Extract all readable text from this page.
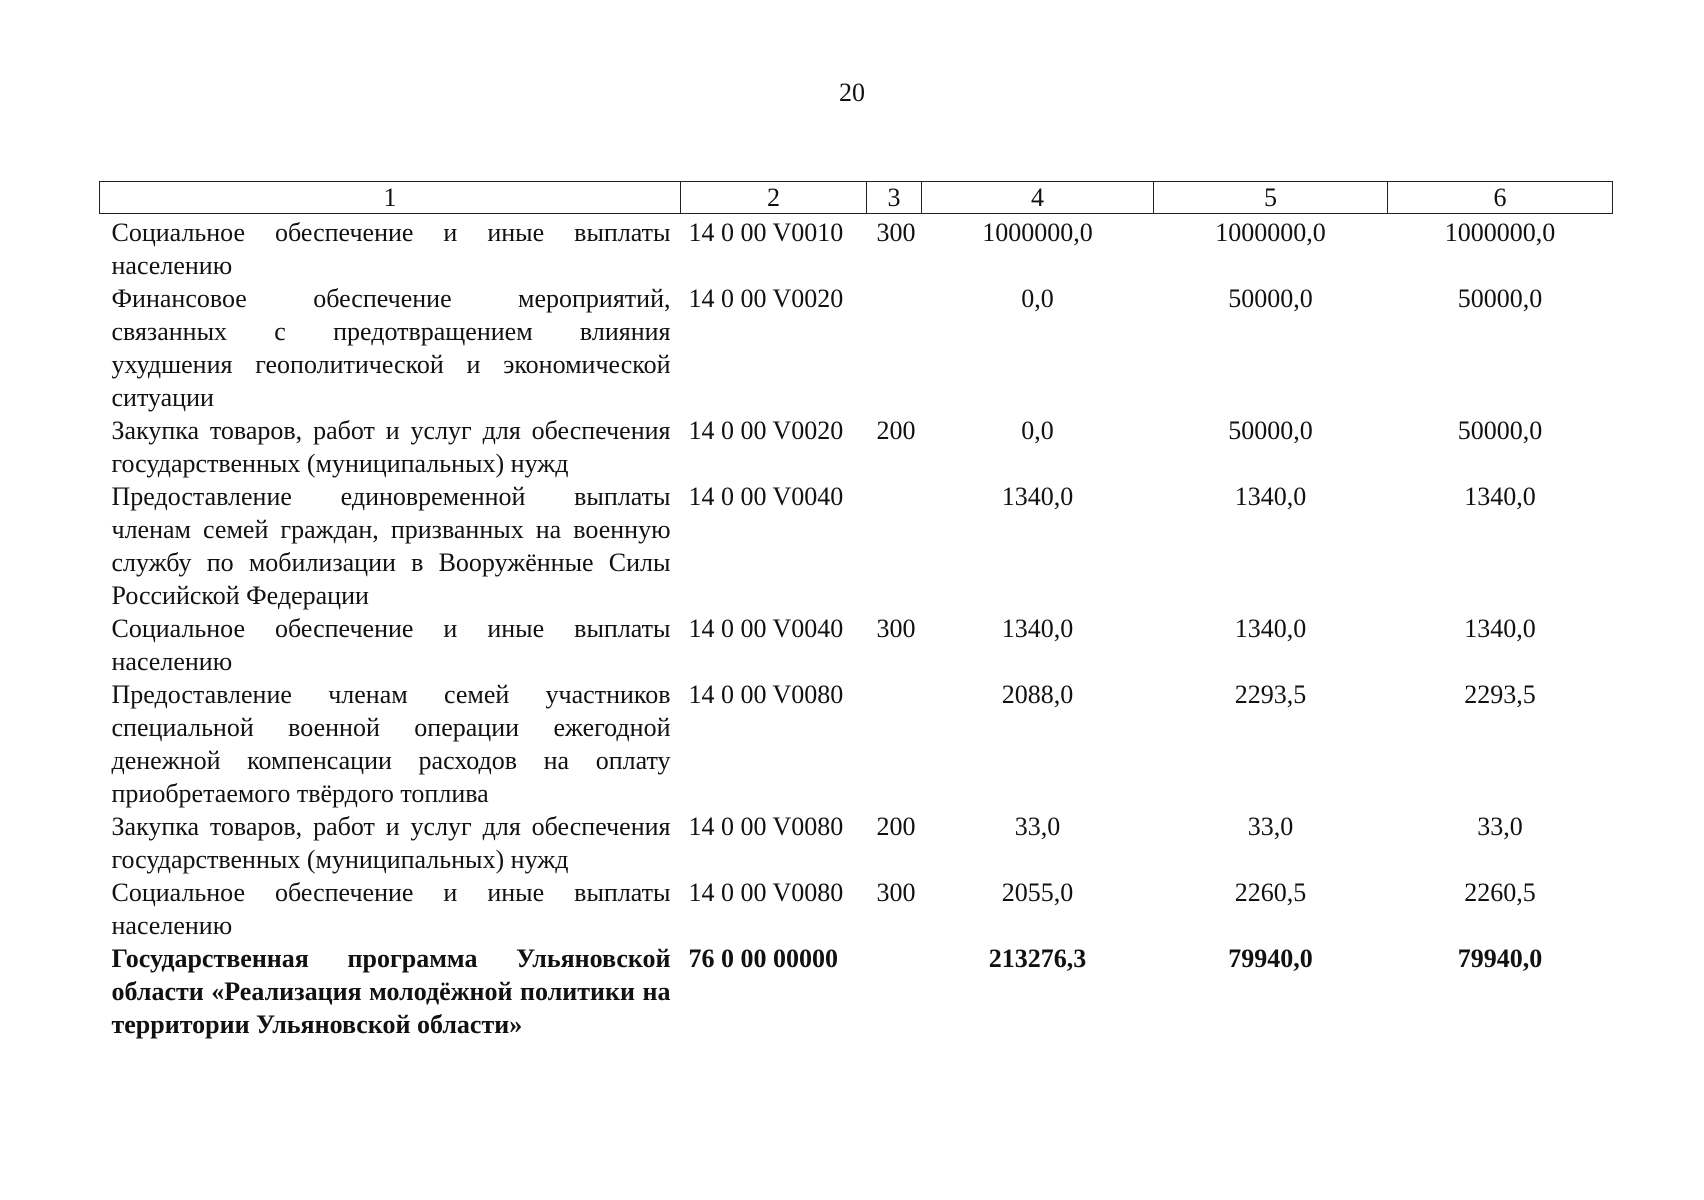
20
1	2	3	4	5	6
Социальное обеспечение и иные выплаты населению	14 0 00 V0010	300	1000000,0	1000000,0	1000000,0
Финансовое обеспечение мероприятий, связанных с предотвращением влияния ухудшения геополитической и экономической ситуации	14 0 00 V0020		0,0	50000,0	50000,0
Закупка товаров, работ и услуг для обеспечения государственных (муниципальных) нужд	14 0 00 V0020	200	0,0	50000,0	50000,0
Предоставление единовременной выплаты членам семей граждан, призванных на военную службу по мобилизации в Вооружённые Силы Российской Федерации	14 0 00 V0040		1340,0	1340,0	1340,0
Социальное обеспечение и иные выплаты населению	14 0 00 V0040	300	1340,0	1340,0	1340,0
Предоставление членам семей участников специальной военной операции ежегодной денежной компенсации расходов на оплату приобретаемого твёрдого топлива	14 0 00 V0080		2088,0	2293,5	2293,5
Закупка товаров, работ и услуг для обеспечения государственных (муниципальных) нужд	14 0 00 V0080	200	33,0	33,0	33,0
Социальное обеспечение и иные выплаты населению	14 0 00 V0080	300	2055,0	2260,5	2260,5
Государственная программа Ульяновской области «Реализация молодёжной политики на территории Ульяновской области»	76 0 00 00000		213276,3	79940,0	79940,0
